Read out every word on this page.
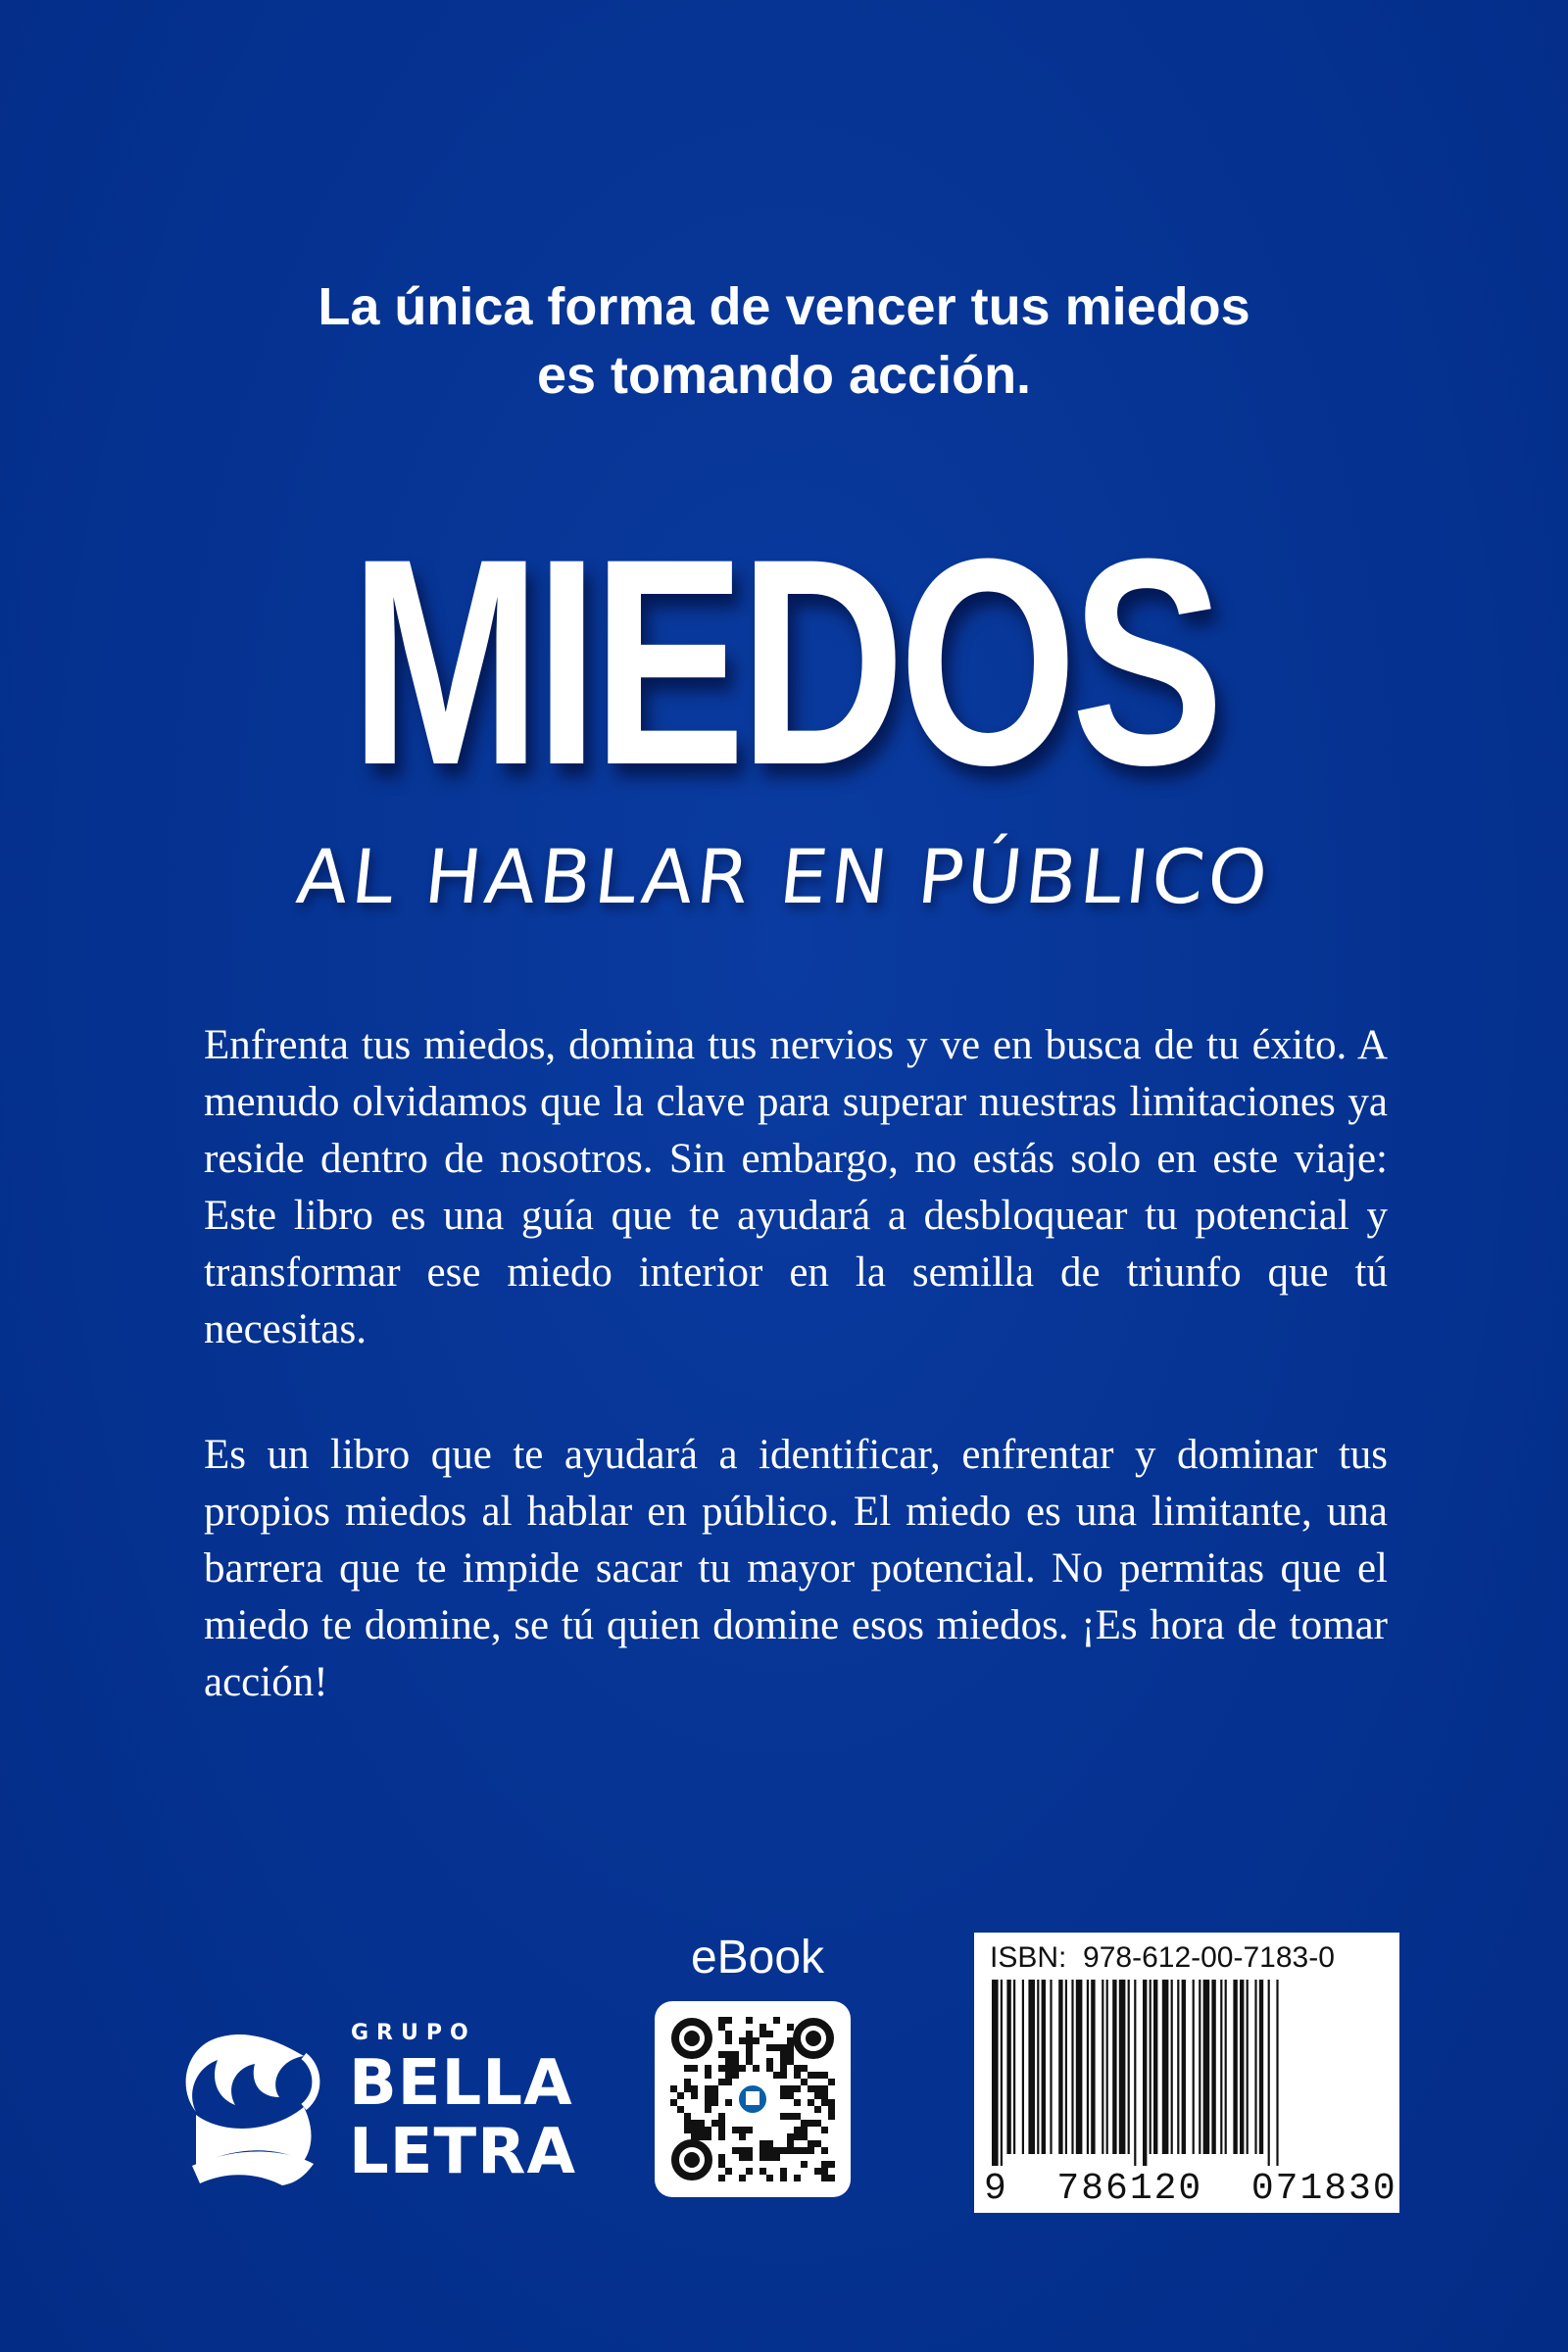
La única forma de vencer tus miedos
es tomando acción.
MIEDOS
AL HABLAR EN PÚBLICO
Enfrenta tus miedos, domina tus nervios y ve en busca de tu éxito. A menudo olvidamos que la clave para superar nuestras limitaciones ya reside dentro de nosotros. Sin embargo, no estás solo en este viaje: Este libro es una guía que te ayudará a desbloquear tu potencial y transformar ese miedo interior en la semilla de triunfo que tú necesitas.
Es un libro que te ayudará a identificar, enfrentar y dominar tus propios miedos al hablar en público. El miedo es una limitante, una barrera que te impide sacar tu mayor potencial. No permitas que el miedo te domine, se tú quien domine esos miedos. ¡Es hora de tomar acción!
GRUPO
BELLA
LETRA
eBook	ISBN:  978-612-00-7183-0
9  786120  071830
